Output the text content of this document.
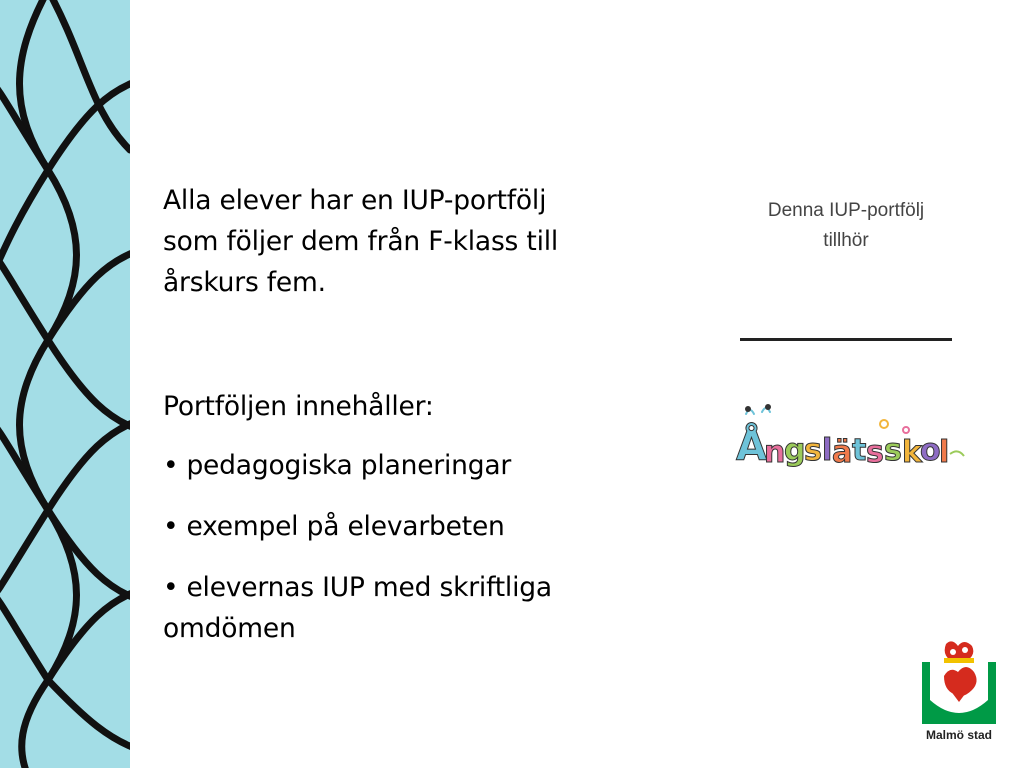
Alla elever har en IUP-portfölj
som följer dem från F-klass till
årskurs fem.

Portföljen innehåller:

• pedagogiska planeringar
• exempel på elevarbeten
• elevernas IUP med skriftliga omdömen
Denna IUP-portfölj
tillhör
Å
n
g
s l ä t s s k
o
l
Malmö stad
